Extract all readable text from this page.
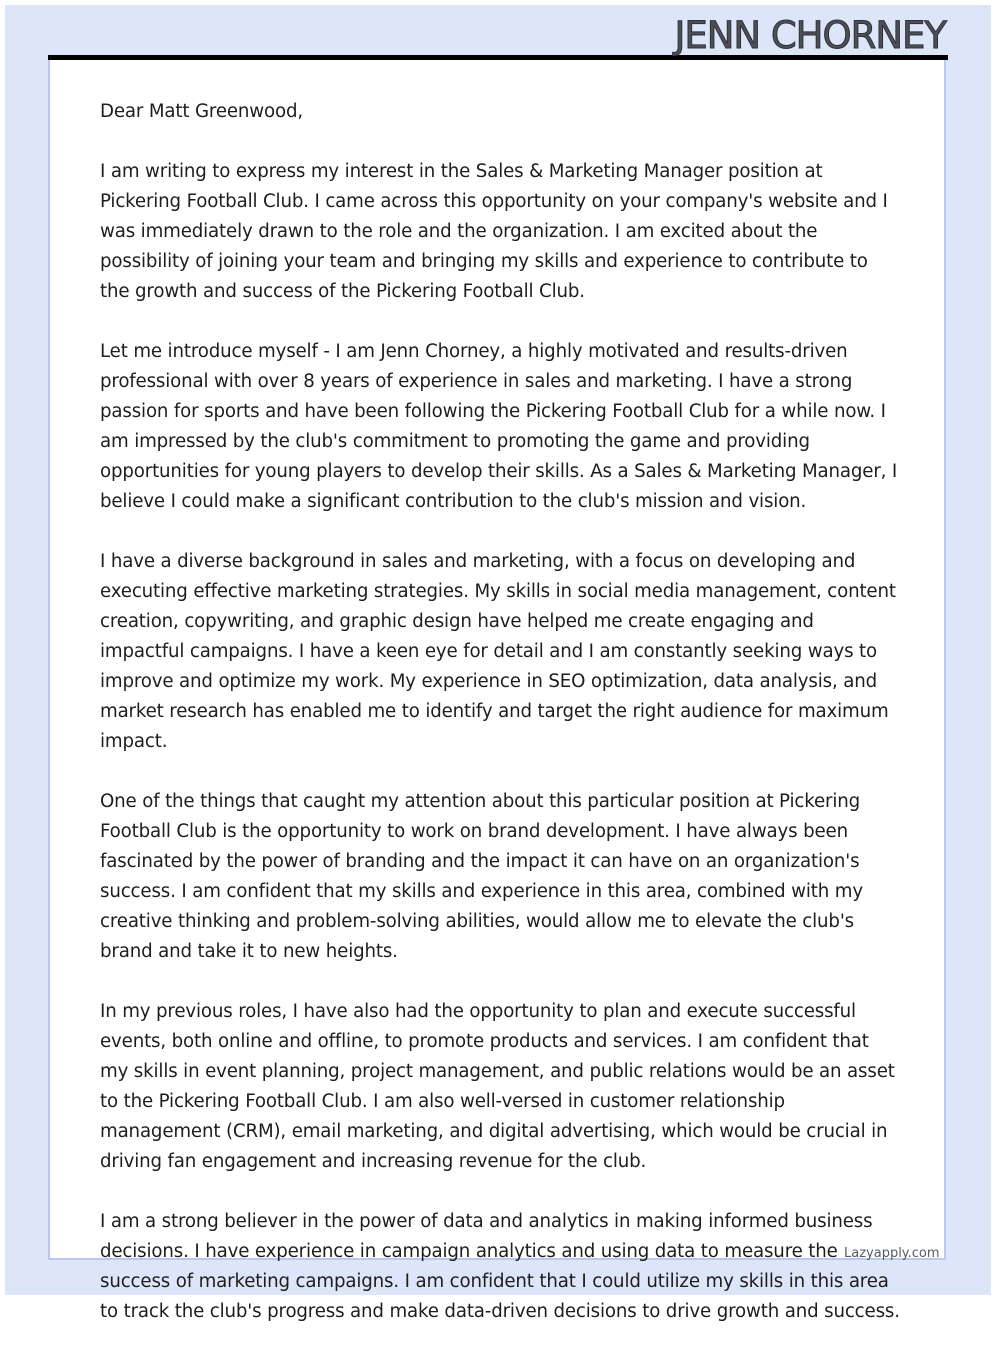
JENN CHORNEY

Dear Matt Greenwood,

I am writing to express my interest in the Sales & Marketing Manager position at Pickering Football Club. I came across this opportunity on your company's website and I was immediately drawn to the role and the organization. I am excited about the possibility of joining your team and bringing my skills and experience to contribute to the growth and success of the Pickering Football Club.

Let me introduce myself - I am Jenn Chorney, a highly motivated and results-driven professional with over 8 years of experience in sales and marketing. I have a strong passion for sports and have been following the Pickering Football Club for a while now. I am impressed by the club's commitment to promoting the game and providing opportunities for young players to develop their skills. As a Sales & Marketing Manager, I believe I could make a significant contribution to the club's mission and vision.

I have a diverse background in sales and marketing, with a focus on developing and executing effective marketing strategies. My skills in social media management, content creation, copywriting, and graphic design have helped me create engaging and impactful campaigns. I have a keen eye for detail and I am constantly seeking ways to improve and optimize my work. My experience in SEO optimization, data analysis, and market research has enabled me to identify and target the right audience for maximum impact.

One of the things that caught my attention about this particular position at Pickering Football Club is the opportunity to work on brand development. I have always been fascinated by the power of branding and the impact it can have on an organization's success. I am confident that my skills and experience in this area, combined with my creative thinking and problem-solving abilities, would allow me to elevate the club's brand and take it to new heights.

In my previous roles, I have also had the opportunity to plan and execute successful events, both online and offline, to promote products and services. I am confident that my skills in event planning, project management, and public relations would be an asset to the Pickering Football Club. I am also well-versed in customer relationship management (CRM), email marketing, and digital advertising, which would be crucial in driving fan engagement and increasing revenue for the club.

I am a strong believer in the power of data and analytics in making informed business decisions. I have experience in campaign analytics and using data to measure the success of marketing campaigns. I am confident that I could utilize my skills in this area to track the club's progress and make data-driven decisions to drive growth and success.

Lazyapply.com
